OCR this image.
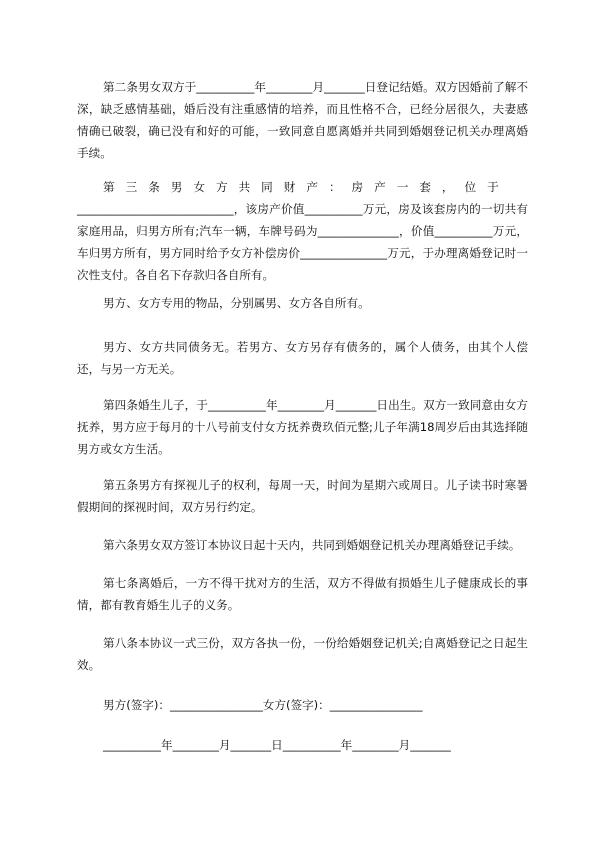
第二条男女双方于__________年________月_______日登记结婚。双方因婚前了解不深，缺乏感情基础，婚后没有注重感情的培养，而且性格不合，已经分居很久，夫妻感情确已破裂，确已没有和好的可能，一致同意自愿离婚并共同到婚姻登记机关办理离婚手续。

第三条男女方共同财产：房产一套，位于

___________________________，该房产价值__________万元，房及该套房内的一切共有家庭用品，归男方所有;汽车一辆，车牌号码为______________，价值__________万元，车归男方所有，男方同时给予女方补偿房价_______________万元，于办理离婚登记时一次性支付。各自名下存款归各自所有。

男方、女方专用的物品，分别属男、女方各自所有。

男方、女方共同债务无。若男方、女方另存有债务的，属个人债务，由其个人偿还，与另一方无关。

第四条婚生儿子，于__________年________月_______日出生。双方一致同意由女方抚养，男方应于每月的十八号前支付女方抚养费玖佰元整;儿子年满18周岁后由其选择随男方或女方生活。

第五条男方有探视儿子的权利，每周一天，时间为星期六或周日。儿子读书时寒暑假期间的探视时间，双方另行约定。

第六条男女双方签订本协议日起十天内，共同到婚姻登记机关办理离婚登记手续。

第七条离婚后，一方不得干扰对方的生活，双方不得做有损婚生儿子健康成长的事情，都有教育婚生儿子的义务。

第八条本协议一式三份，双方各执一份，一份给婚姻登记机关;自离婚登记之日起生效。

男方(签字)：________________女方(签字)：________________

__________年________月_______日__________年________月_______
